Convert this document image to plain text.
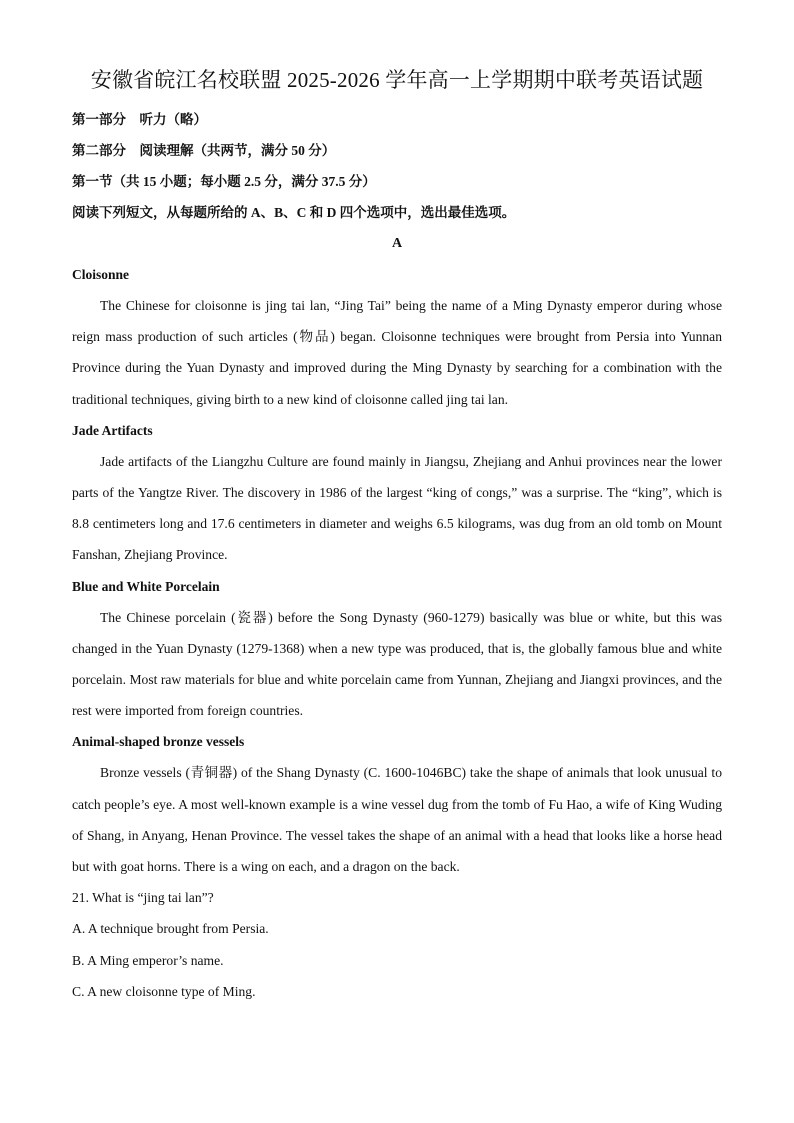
安徽省皖江名校联盟 2025-2026 学年高一上学期期中联考英语试题

第一部分　听力（略）

第二部分　阅读理解（共两节，满分 50 分）

第一节（共 15 小题；每小题 2.5 分，满分 37.5 分）

阅读下列短文，从每题所给的 A、B、C 和 D 四个选项中，选出最佳选项。

A

Cloisonne

The Chinese for cloisonne is jing tai lan, “Jing Tai” being the name of a Ming Dynasty emperor during whose reign mass production of such articles (物品) began. Cloisonne techniques were brought from Persia into Yunnan Province during the Yuan Dynasty and improved during the Ming Dynasty by searching for a combination with the traditional techniques, giving birth to a new kind of cloisonne called jing tai lan.

Jade Artifacts

Jade artifacts of the Liangzhu Culture are found mainly in Jiangsu, Zhejiang and Anhui provinces near the lower parts of the Yangtze River. The discovery in 1986 of the largest “king of congs,” was a surprise. The “king”, which is 8.8 centimeters long and 17.6 centimeters in diameter and weighs 6.5 kilograms, was dug from an old tomb on Mount Fanshan, Zhejiang Province.

Blue and White Porcelain

The Chinese porcelain (瓷器) before the Song Dynasty (960-1279) basically was blue or white, but this was changed in the Yuan Dynasty (1279-1368) when a new type was produced, that is, the globally famous blue and white porcelain. Most raw materials for blue and white porcelain came from Yunnan, Zhejiang and Jiangxi provinces, and the rest were imported from foreign countries.

Animal-shaped bronze vessels

Bronze vessels (青铜器) of the Shang Dynasty (C. 1600-1046BC) take the shape of animals that look unusual to catch people’s eye. A most well-known example is a wine vessel dug from the tomb of Fu Hao, a wife of King Wuding of Shang, in Anyang, Henan Province. The vessel takes the shape of an animal with a head that looks like a horse head but with goat horns. There is a wing on each, and a dragon on the back.

21. What is “jing tai lan”?

A. A technique brought from Persia.

B. A Ming emperor’s name.

C. A new cloisonne type of Ming.
